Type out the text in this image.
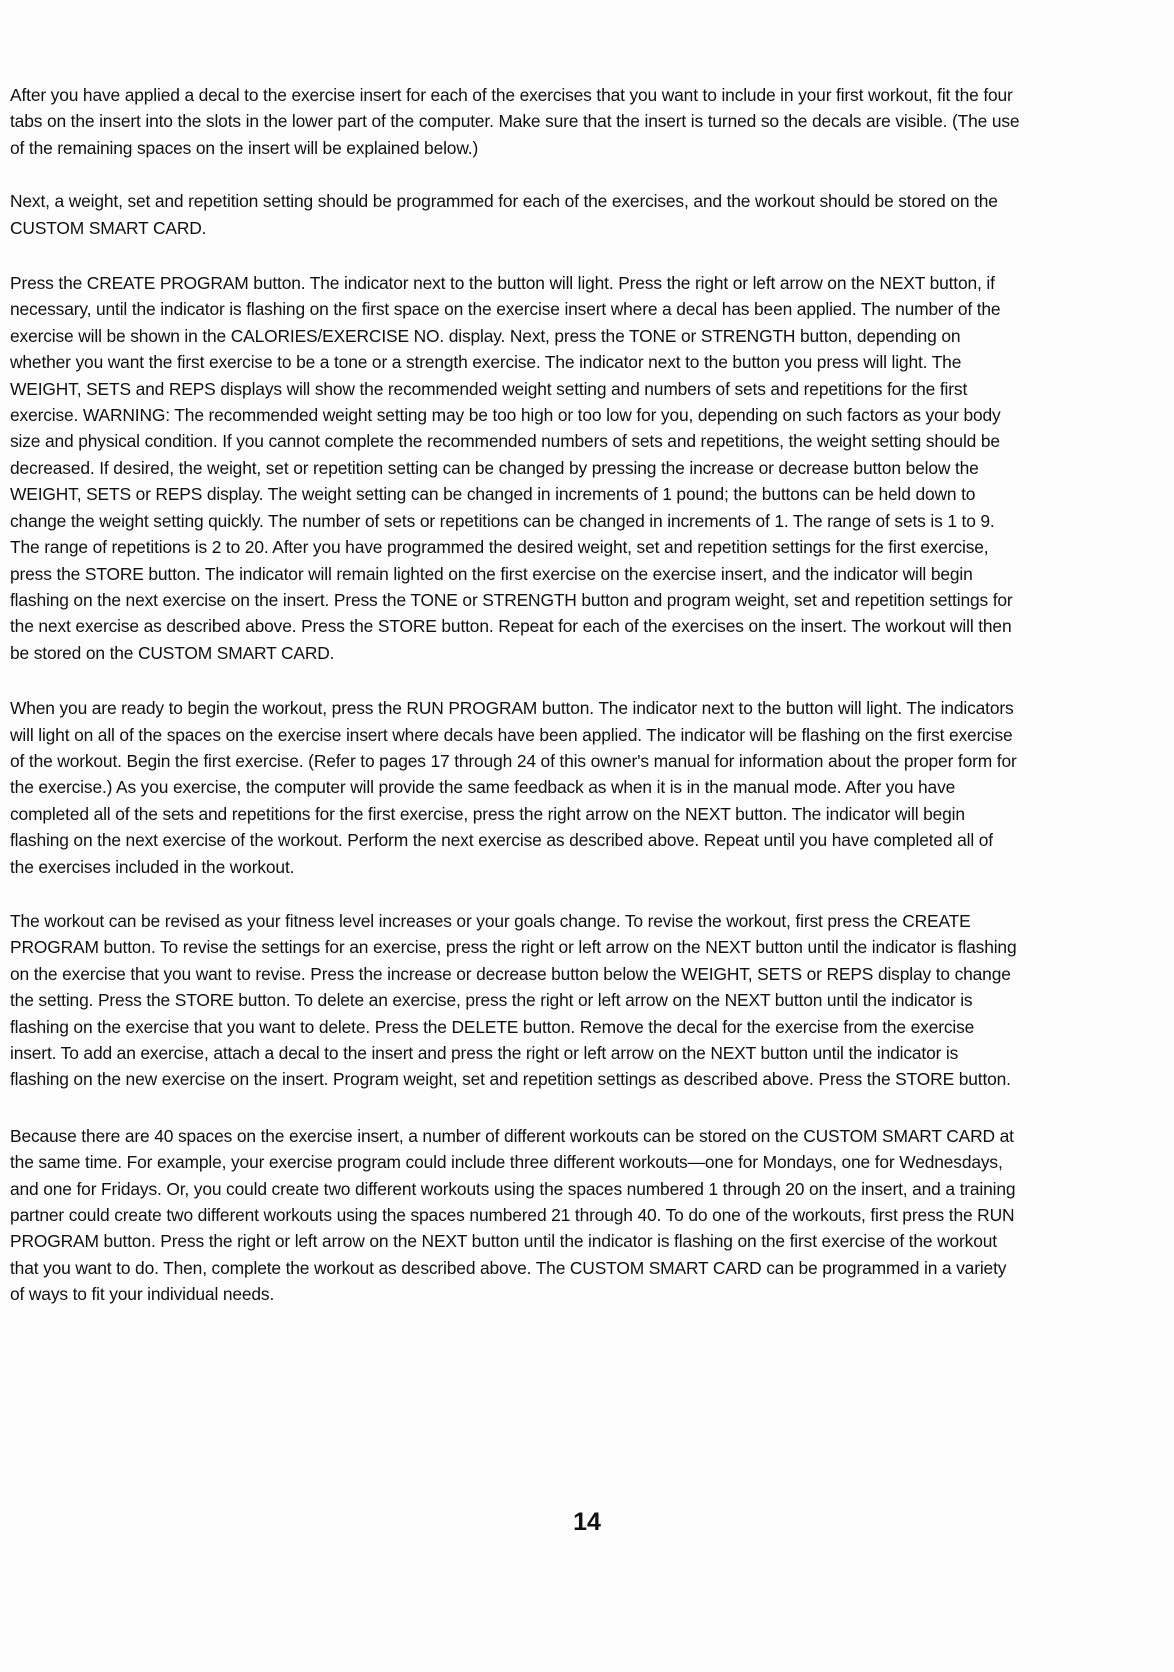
After you have applied a decal to the exercise insert for each of the exercises that you want to include in your first workout, fit the four tabs on the insert into the slots in the lower part of the computer. Make sure that the insert is turned so the decals are visible. (The use of the remaining spaces on the insert will be explained below.)

Next, a weight, set and repetition setting should be programmed for each of the exercises, and the workout should be stored on the CUSTOM SMART CARD.

Press the CREATE PROGRAM button. The indicator next to the button will light. Press the right or left arrow on the NEXT button, if necessary, until the indicator is flashing on the first space on the exercise insert where a decal has been applied. The number of the exercise will be shown in the CALORIES/EXERCISE NO. display. Next, press the TONE or STRENGTH button, depending on whether you want the first exercise to be a tone or a strength exercise. The indicator next to the button you press will light. The WEIGHT, SETS and REPS displays will show the recommended weight setting and numbers of sets and repetitions for the first exercise. WARNING: The recommended weight setting may be too high or too low for you, depending on such factors as your body size and physical condition. If you cannot complete the recommended numbers of sets and repetitions, the weight setting should be decreased. If desired, the weight, set or repetition setting can be changed by pressing the increase or decrease button below the WEIGHT, SETS or REPS display. The weight setting can be changed in increments of 1 pound; the buttons can be held down to change the weight setting quickly. The number of sets or repetitions can be changed in increments of 1. The range of sets is 1 to 9. The range of repetitions is 2 to 20. After you have programmed the desired weight, set and repetition settings for the first exercise, press the STORE button. The indicator will remain lighted on the first exercise on the exercise insert, and the indicator will begin flashing on the next exercise on the insert. Press the TONE or STRENGTH button and program weight, set and repetition settings for the next exercise as described above. Press the STORE button. Repeat for each of the exercises on the insert. The workout will then be stored on the CUSTOM SMART CARD.

When you are ready to begin the workout, press the RUN PROGRAM button. The indicator next to the button will light. The indicators will light on all of the spaces on the exercise insert where decals have been applied. The indicator will be flashing on the first exercise of the workout. Begin the first exercise. (Refer to pages 17 through 24 of this owner's manual for information about the proper form for the exercise.) As you exercise, the computer will provide the same feedback as when it is in the manual mode. After you have completed all of the sets and repetitions for the first exercise, press the right arrow on the NEXT button. The indicator will begin flashing on the next exercise of the workout. Perform the next exercise as described above. Repeat until you have completed all of the exercises included in the workout.

The workout can be revised as your fitness level increases or your goals change. To revise the workout, first press the CREATE PROGRAM button. To revise the settings for an exercise, press the right or left arrow on the NEXT button until the indicator is flashing on the exercise that you want to revise. Press the increase or decrease button below the WEIGHT, SETS or REPS display to change the setting. Press the STORE button. To delete an exercise, press the right or left arrow on the NEXT button until the indicator is flashing on the exercise that you want to delete. Press the DELETE button. Remove the decal for the exercise from the exercise insert. To add an exercise, attach a decal to the insert and press the right or left arrow on the NEXT button until the indicator is flashing on the new exercise on the insert. Program weight, set and repetition settings as described above. Press the STORE button.

Because there are 40 spaces on the exercise insert, a number of different workouts can be stored on the CUSTOM SMART CARD at the same time. For example, your exercise program could include three different workouts—one for Mondays, one for Wednesdays, and one for Fridays. Or, you could create two different workouts using the spaces numbered 1 through 20 on the insert, and a training partner could create two different workouts using the spaces numbered 21 through 40. To do one of the workouts, first press the RUN PROGRAM button. Press the right or left arrow on the NEXT button until the indicator is flashing on the first exercise of the workout that you want to do. Then, complete the workout as described above. The CUSTOM SMART CARD can be programmed in a variety of ways to fit your individual needs.

14
